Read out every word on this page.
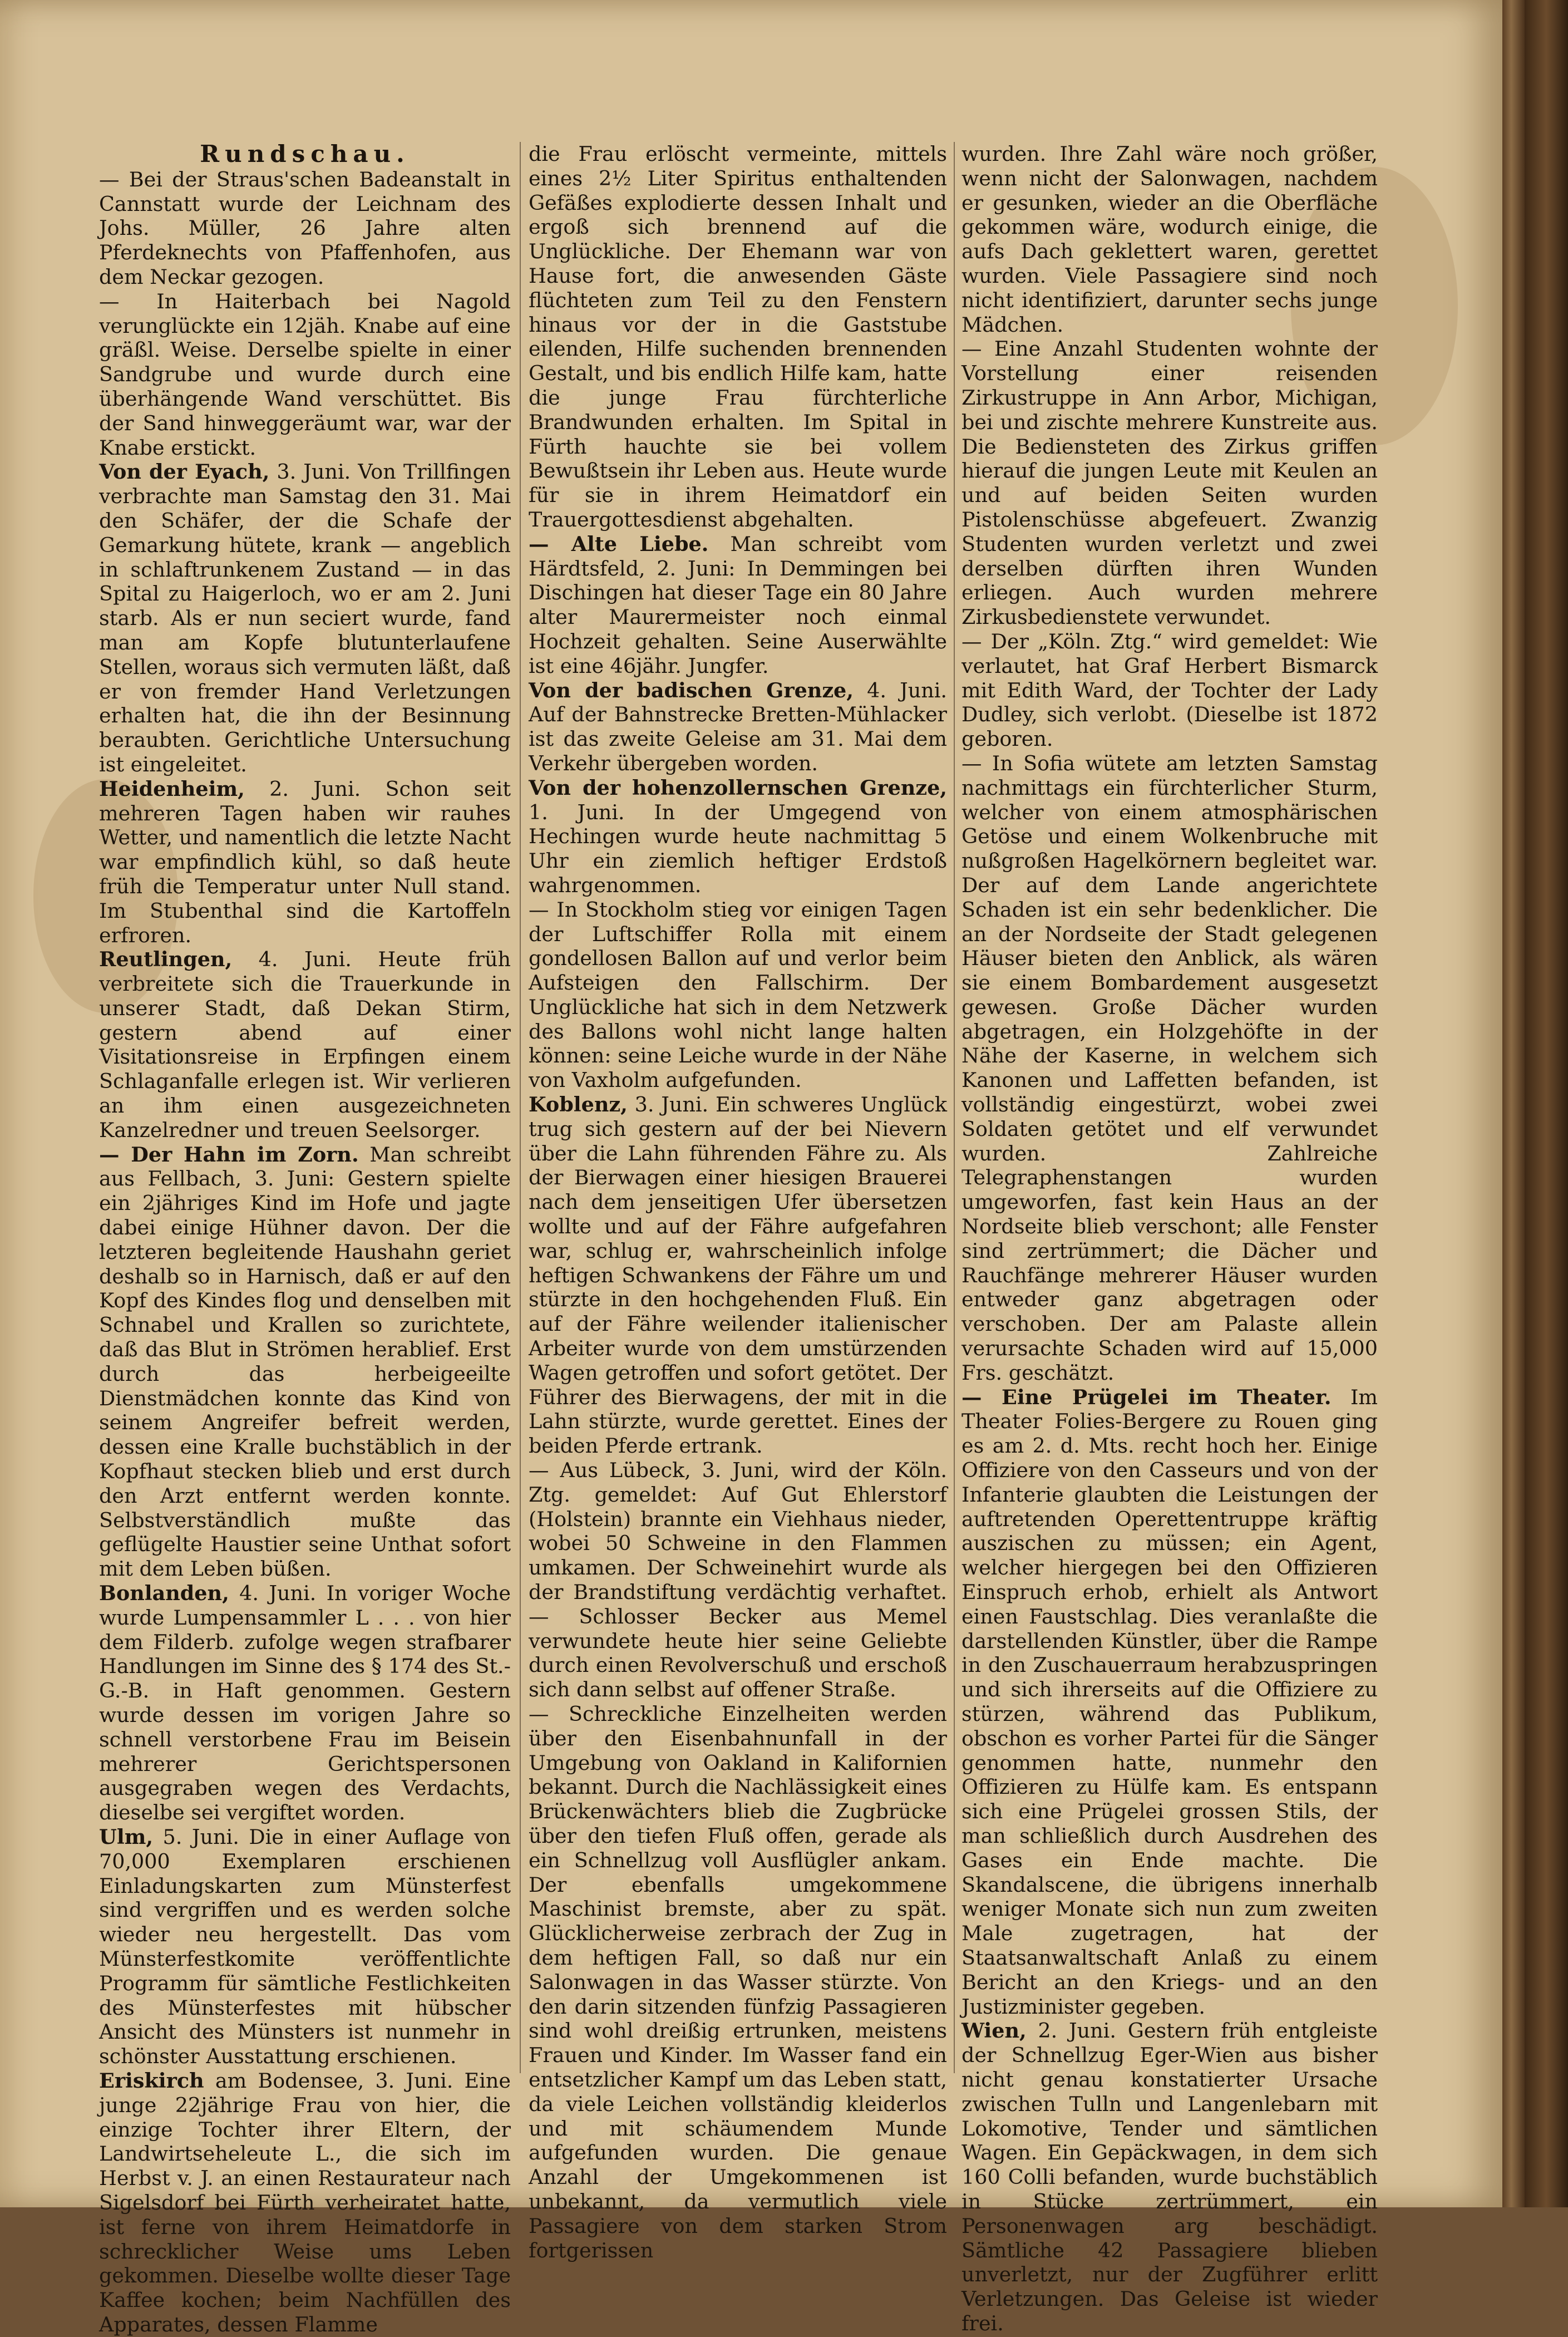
Rundschau.

— Bei der Straus'schen Badeanstalt in Cannstatt wurde der Leichnam des Johs. Müller, 26 Jahre alten Pferdeknechts von Pfaffenhofen, aus dem Neckar gezogen.

— In Haiterbach bei Nagold verunglückte ein 12jäh. Knabe auf eine gräßl. Weise. Derselbe spielte in einer Sandgrube und wurde durch eine überhängende Wand verschüttet. Bis der Sand hinweggeräumt war, war der Knabe erstickt.

Von der Eyach, 3. Juni. Von Trillfingen verbrachte man Samstag den 31. Mai den Schäfer, der die Schafe der Gemarkung hütete, krank — angeblich in schlaftrunkenem Zustand — in das Spital zu Haigerloch, wo er am 2. Juni starb. Als er nun seciert wurde, fand man am Kopfe blutunterlaufene Stellen, woraus sich vermuten läßt, daß er von fremder Hand Verletzungen erhalten hat, die ihn der Besinnung beraubten. Gerichtliche Untersuchung ist eingeleitet.

Heidenheim, 2. Juni. Schon seit mehreren Tagen haben wir rauhes Wetter, und namentlich die letzte Nacht war empfindlich kühl, so daß heute früh die Temperatur unter Null stand. Im Stubenthal sind die Kartoffeln erfroren.

Reutlingen, 4. Juni. Heute früh verbreitete sich die Trauerkunde in unserer Stadt, daß Dekan Stirm, gestern abend auf einer Visitationsreise in Erpfingen einem Schlaganfalle erlegen ist. Wir verlieren an ihm einen ausgezeichneten Kanzelredner und treuen Seelsorger.

— Der Hahn im Zorn. Man schreibt aus Fellbach, 3. Juni: Gestern spielte ein 2jähriges Kind im Hofe und jagte dabei einige Hühner davon. Der die letzteren begleitende Haushahn geriet deshalb so in Harnisch, daß er auf den Kopf des Kindes flog und denselben mit Schnabel und Krallen so zurichtete, daß das Blut in Strömen herablief. Erst durch das herbeigeeilte Dienstmädchen konnte das Kind von seinem Angreifer befreit werden, dessen eine Kralle buchstäblich in der Kopfhaut stecken blieb und erst durch den Arzt entfernt werden konnte. Selbstverständlich mußte das geflügelte Haustier seine Unthat sofort mit dem Leben büßen.

Bonlanden, 4. Juni. In voriger Woche wurde Lumpensammler L . . . von hier dem Filderb. zufolge wegen strafbarer Handlungen im Sinne des § 174 des St.-G.-B. in Haft genommen. Gestern wurde dessen im vorigen Jahre so schnell verstorbene Frau im Beisein mehrerer Gerichtspersonen ausgegraben wegen des Verdachts, dieselbe sei vergiftet worden.

Ulm, 5. Juni. Die in einer Auflage von 70,000 Exemplaren erschienen Einladungskarten zum Münsterfest sind vergriffen und es werden solche wieder neu hergestellt. Das vom Münsterfestkomite veröffentlichte Programm für sämtliche Festlichkeiten des Münsterfestes mit hübscher Ansicht des Münsters ist nunmehr in schönster Ausstattung erschienen.

Eriskirch am Bodensee, 3. Juni. Eine junge 22jährige Frau von hier, die einzige Tochter ihrer Eltern, der Landwirtseheleute L., die sich im Herbst v. J. an einen Restaurateur nach Sigelsdorf bei Fürth verheiratet hatte, ist ferne von ihrem Heimatdorfe in schrecklicher Weise ums Leben gekommen. Dieselbe wollte dieser Tage Kaffee kochen; beim Nachfüllen des Apparates, dessen Flamme

die Frau erlöscht vermeinte, mittels eines 2½ Liter Spiritus enthaltenden Gefäßes explodierte dessen Inhalt und ergoß sich brennend auf die Unglückliche. Der Ehemann war von Hause fort, die anwesenden Gäste flüchteten zum Teil zu den Fenstern hinaus vor der in die Gaststube eilenden, Hilfe suchenden brennenden Gestalt, und bis endlich Hilfe kam, hatte die junge Frau fürchterliche Brandwunden erhalten. Im Spital in Fürth hauchte sie bei vollem Bewußtsein ihr Leben aus. Heute wurde für sie in ihrem Heimatdorf ein Trauergottesdienst abgehalten.

— Alte Liebe. Man schreibt vom Härdtsfeld, 2. Juni: In Demmingen bei Dischingen hat dieser Tage ein 80 Jahre alter Maurermeister noch einmal Hochzeit gehalten. Seine Auserwählte ist eine 46jähr. Jungfer.

Von der badischen Grenze, 4. Juni. Auf der Bahnstrecke Bretten-Mühlacker ist das zweite Geleise am 31. Mai dem Verkehr übergeben worden.

Von der hohenzollernschen Grenze, 1. Juni. In der Umgegend von Hechingen wurde heute nachmittag 5 Uhr ein ziemlich heftiger Erdstoß wahrgenommen.

— In Stockholm stieg vor einigen Tagen der Luftschiffer Rolla mit einem gondellosen Ballon auf und verlor beim Aufsteigen den Fallschirm. Der Unglückliche hat sich in dem Netzwerk des Ballons wohl nicht lange halten können: seine Leiche wurde in der Nähe von Vaxholm aufgefunden.

Koblenz, 3. Juni. Ein schweres Unglück trug sich gestern auf der bei Nievern über die Lahn führenden Fähre zu. Als der Bierwagen einer hiesigen Brauerei nach dem jenseitigen Ufer übersetzen wollte und auf der Fähre aufgefahren war, schlug er, wahrscheinlich infolge heftigen Schwankens der Fähre um und stürzte in den hochgehenden Fluß. Ein auf der Fähre weilender italienischer Arbeiter wurde von dem umstürzenden Wagen getroffen und sofort getötet. Der Führer des Bierwagens, der mit in die Lahn stürzte, wurde gerettet. Eines der beiden Pferde ertrank.

— Aus Lübeck, 3. Juni, wird der Köln. Ztg. gemeldet: Auf Gut Ehlerstorf (Holstein) brannte ein Viehhaus nieder, wobei 50 Schweine in den Flammen umkamen. Der Schweinehirt wurde als der Brandstiftung verdächtig verhaftet. — Schlosser Becker aus Memel verwundete heute hier seine Geliebte durch einen Revolverschuß und erschoß sich dann selbst auf offener Straße.

— Schreckliche Einzelheiten werden über den Eisenbahnunfall in der Umgebung von Oakland in Kalifornien bekannt. Durch die Nachlässigkeit eines Brückenwächters blieb die Zugbrücke über den tiefen Fluß offen, gerade als ein Schnellzug voll Ausflügler ankam. Der ebenfalls umgekommene Maschinist bremste, aber zu spät. Glücklicherweise zerbrach der Zug in dem heftigen Fall, so daß nur ein Salonwagen in das Wasser stürzte. Von den darin sitzenden fünfzig Passagieren sind wohl dreißig ertrunken, meistens Frauen und Kinder. Im Wasser fand ein entsetzlicher Kampf um das Leben statt, da viele Leichen vollständig kleiderlos und mit schäumendem Munde aufgefunden wurden. Die genaue Anzahl der Umgekommenen ist unbekannt, da vermutlich viele Passagiere von dem starken Strom fortgerissen

wurden. Ihre Zahl wäre noch größer, wenn nicht der Salonwagen, nachdem er gesunken, wieder an die Oberfläche gekommen wäre, wodurch einige, die aufs Dach geklettert waren, gerettet wurden. Viele Passagiere sind noch nicht identifiziert, darunter sechs junge Mädchen.

— Eine Anzahl Studenten wohnte der Vorstellung einer reisenden Zirkustruppe in Ann Arbor, Michigan, bei und zischte mehrere Kunstreite aus. Die Bediensteten des Zirkus griffen hierauf die jungen Leute mit Keulen an und auf beiden Seiten wurden Pistolenschüsse abgefeuert. Zwanzig Studenten wurden verletzt und zwei derselben dürften ihren Wunden erliegen. Auch wurden mehrere Zirkusbedienstete verwundet.

— Der „Köln. Ztg.“ wird gemeldet: Wie verlautet, hat Graf Herbert Bismarck mit Edith Ward, der Tochter der Lady Dudley, sich verlobt. (Dieselbe ist 1872 geboren.

— In Sofia wütete am letzten Samstag nachmittags ein fürchterlicher Sturm, welcher von einem atmosphärischen Getöse und einem Wolkenbruche mit nußgroßen Hagelkörnern begleitet war. Der auf dem Lande angerichtete Schaden ist ein sehr bedenklicher. Die an der Nordseite der Stadt gelegenen Häuser bieten den Anblick, als wären sie einem Bombardement ausgesetzt gewesen. Große Dächer wurden abgetragen, ein Holzgehöfte in der Nähe der Kaserne, in welchem sich Kanonen und Laffetten befanden, ist vollständig eingestürzt, wobei zwei Soldaten getötet und elf verwundet wurden. Zahlreiche Telegraphenstangen wurden umgeworfen, fast kein Haus an der Nordseite blieb verschont; alle Fenster sind zertrümmert; die Dächer und Rauchfänge mehrerer Häuser wurden entweder ganz abgetragen oder verschoben. Der am Palaste allein verursachte Schaden wird auf 15,000 Frs. geschätzt.

— Eine Prügelei im Theater. Im Theater Folies-Bergere zu Rouen ging es am 2. d. Mts. recht hoch her. Einige Offiziere von den Casseurs und von der Infanterie glaubten die Leistungen der auftretenden Operettentruppe kräftig auszischen zu müssen; ein Agent, welcher hiergegen bei den Offizieren Einspruch erhob, erhielt als Antwort einen Faustschlag. Dies veranlaßte die darstellenden Künstler, über die Rampe in den Zuschauerraum herabzuspringen und sich ihrerseits auf die Offiziere zu stürzen, während das Publikum, obschon es vorher Partei für die Sänger genommen hatte, nunmehr den Offizieren zu Hülfe kam. Es entspann sich eine Prügelei grossen Stils, der man schließlich durch Ausdrehen des Gases ein Ende machte. Die Skandalscene, die übrigens innerhalb weniger Monate sich nun zum zweiten Male zugetragen, hat der Staatsanwaltschaft Anlaß zu einem Bericht an den Kriegs- und an den Justizminister gegeben.

Wien, 2. Juni. Gestern früh entgleiste der Schnellzug Eger-Wien aus bisher nicht genau konstatierter Ursache zwischen Tulln und Langenlebarn mit Lokomotive, Tender und sämtlichen Wagen. Ein Gepäckwagen, in dem sich 160 Colli befanden, wurde buchstäblich in Stücke zertrümmert, ein Personenwagen arg beschädigt. Sämtliche 42 Passagiere blieben unverletzt, nur der Zugführer erlitt Verletzungen. Das Geleise ist wieder frei.
